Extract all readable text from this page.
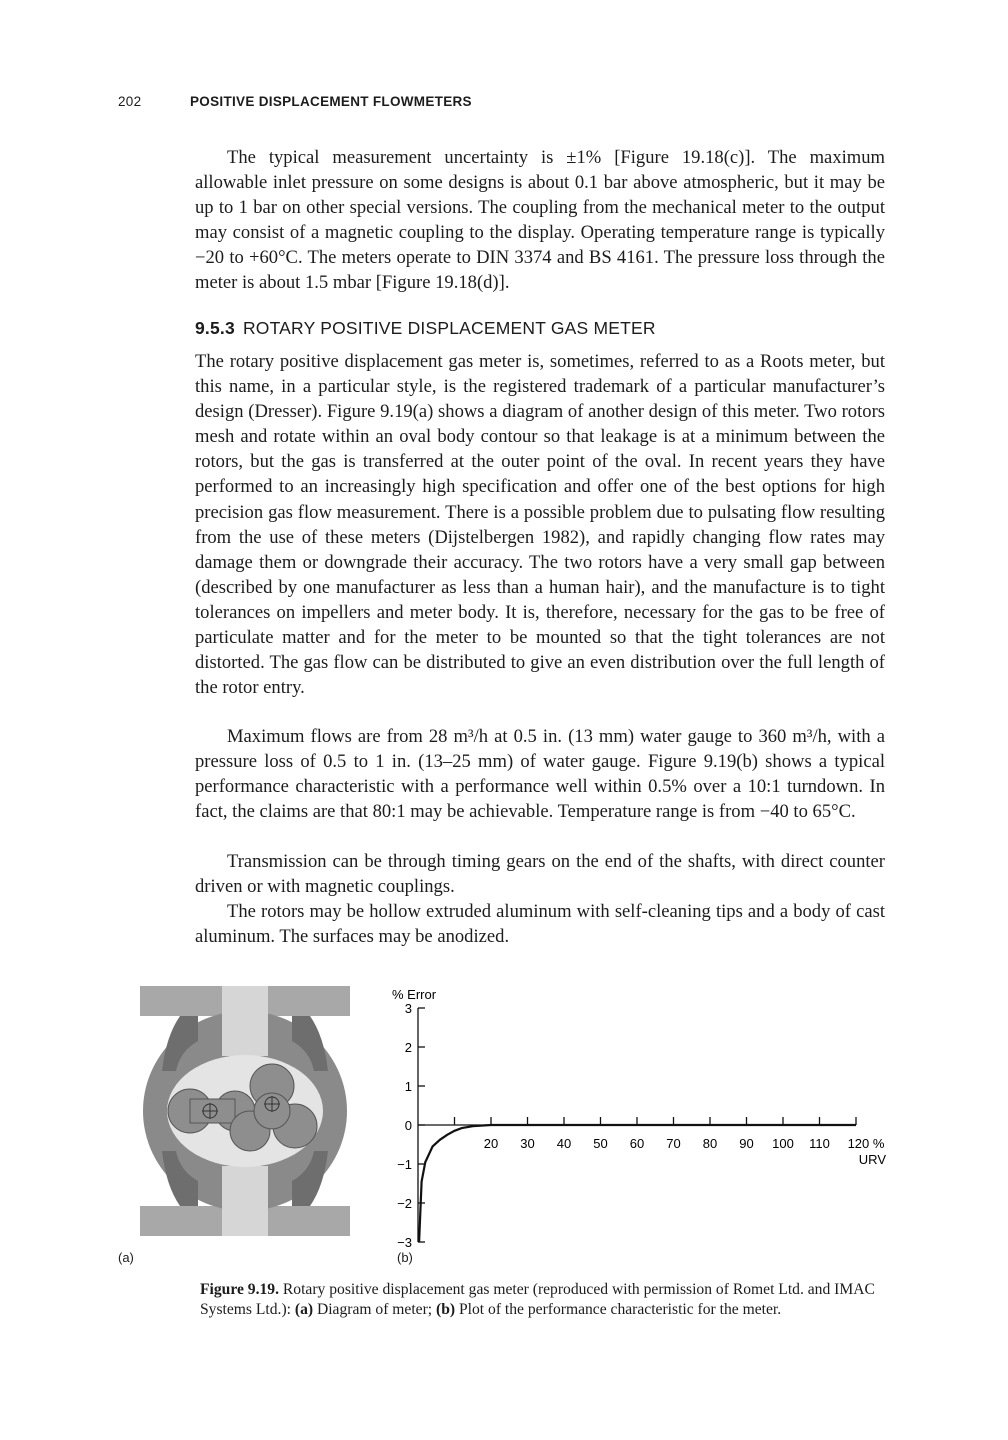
202	POSITIVE DISPLACEMENT FLOWMETERS

The typical measurement uncertainty is ±1% [Figure 19.18(c)]. The maximum allowable inlet pressure on some designs is about 0.1 bar above atmospheric, but it may be up to 1 bar on other special versions. The coupling from the mechanical meter to the output may consist of a magnetic coupling to the display. Operating temperature range is typically −20 to +60°C. The meters operate to DIN 3374 and BS 4161. The pressure loss through the meter is about 1.5 mbar [Figure 19.18(d)].

9.5.3 ROTARY POSITIVE DISPLACEMENT GAS METER

The rotary positive displacement gas meter is, sometimes, referred to as a Roots meter, but this name, in a particular style, is the registered trademark of a particular manufacturer’s design (Dresser). Figure 9.19(a) shows a diagram of another design of this meter. Two rotors mesh and rotate within an oval body contour so that leakage is at a minimum between the rotors, but the gas is transferred at the outer point of the oval. In recent years they have performed to an increasingly high specification and offer one of the best options for high precision gas flow measurement. There is a possible problem due to pulsating flow resulting from the use of these meters (Dijstelbergen 1982), and rapidly changing flow rates may damage them or downgrade their accuracy. The two rotors have a very small gap between (described by one manufacturer as less than a human hair), and the manufacture is to tight tolerances on impellers and meter body. It is, therefore, necessary for the gas to be free of particulate matter and for the meter to be mounted so that the tight tolerances are not distorted. The gas flow can be distributed to give an even distribution over the full length of the rotor entry.

Maximum flows are from 28 m³/h at 0.5 in. (13 mm) water gauge to 360 m³/h, with a pressure loss of 0.5 to 1 in. (13–25 mm) of water gauge. Figure 9.19(b) shows a typical performance characteristic with a performance well within 0.5% over a 10:1 turndown. In fact, the claims are that 80:1 may be achievable. Temperature range is from −40 to 65°C.

Transmission can be through timing gears on the end of the shafts, with direct counter driven or with magnetic couplings.

The rotors may be hollow extruded aluminum with self-cleaning tips and a body of cast aluminum. The surfaces may be anodized.

(a)
% Error
3
2
1
0
−1
−2
−3
20 30 40 50 60 70 80 90 100 110 120 %
URV
(b)

Figure 9.19. Rotary positive displacement gas meter (reproduced with permission of Romet Ltd. and IMAC Systems Ltd.): (a) Diagram of meter; (b) Plot of the performance characteristic for the meter.
